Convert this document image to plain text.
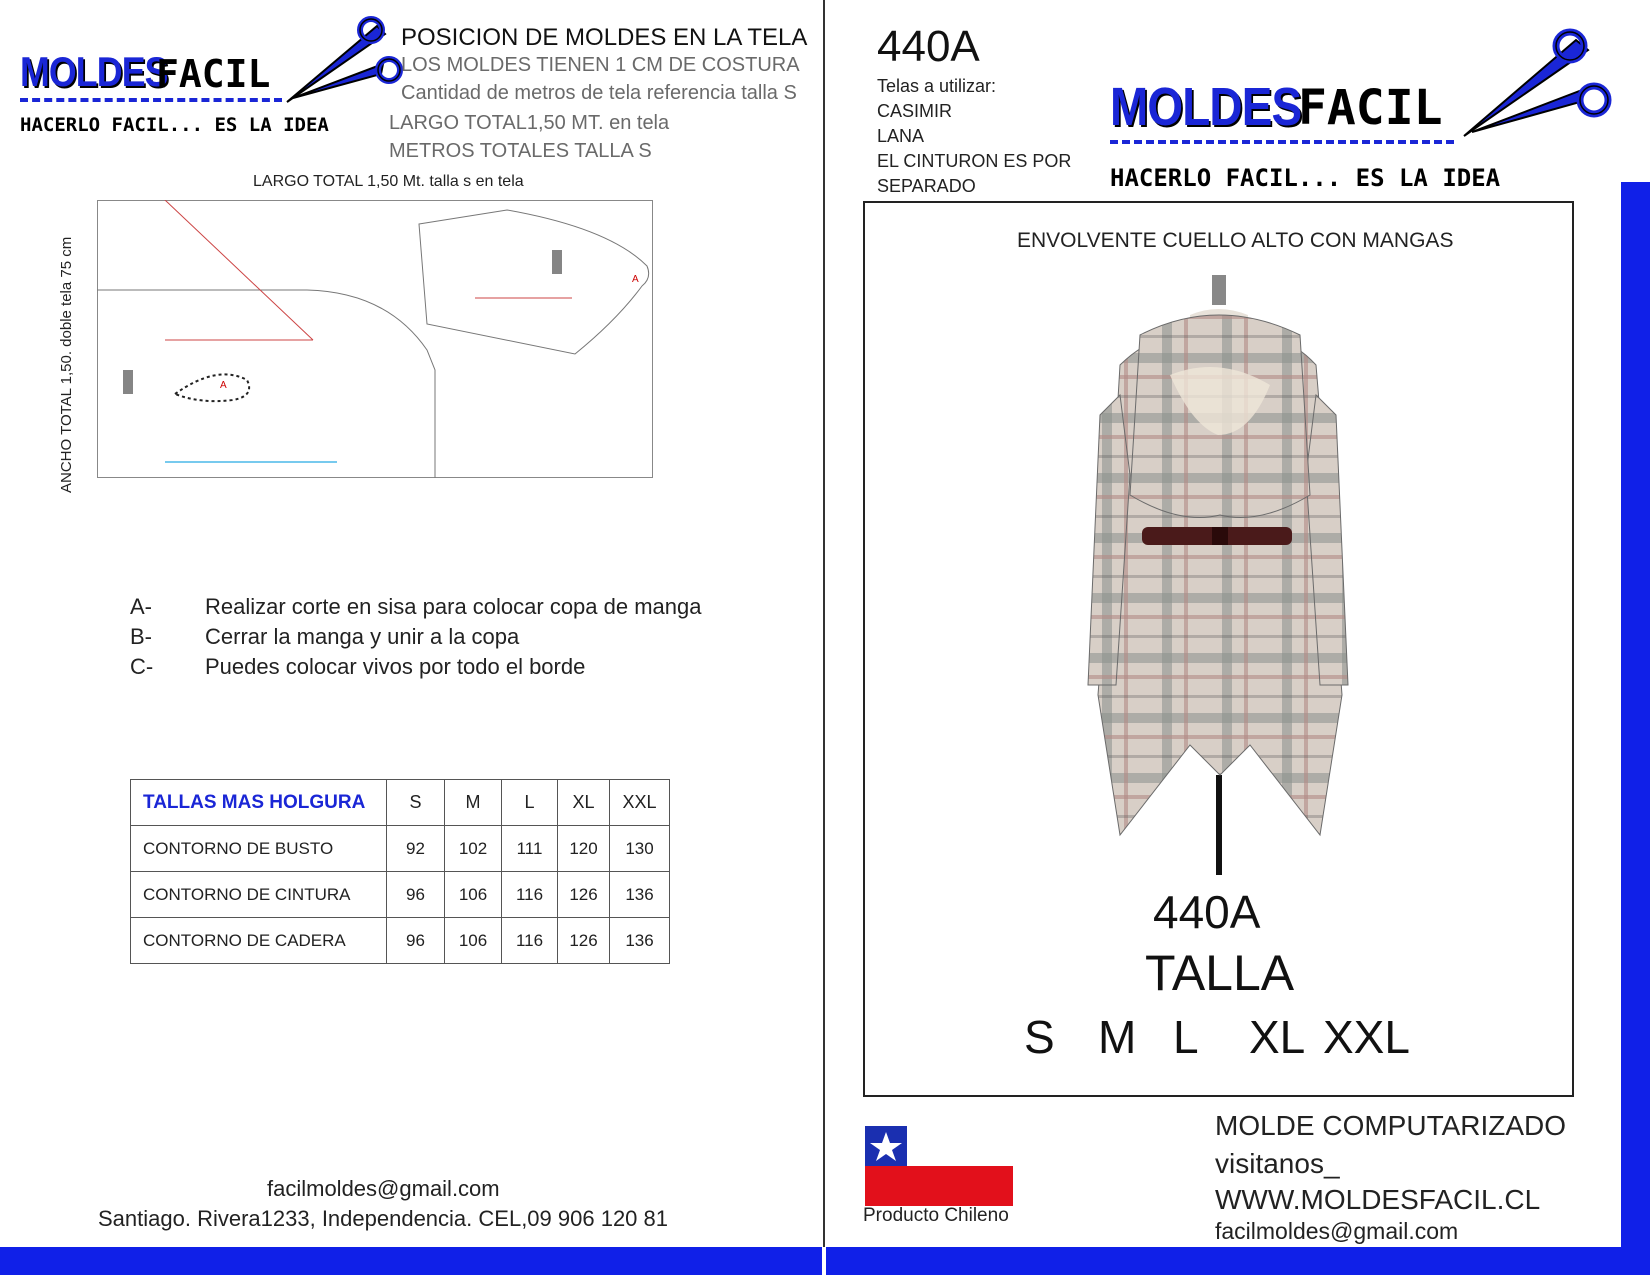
MOLDES
FACIL
HACERLO FACIL... ES LA IDEA
POSICION DE MOLDES EN LA TELA
LOS MOLDES TIENEN 1 CM DE COSTURA
Cantidad de metros de tela referencia talla S
LARGO TOTAL1,50 MT. en tela
METROS TOTALES TALLA S
LARGO TOTAL 1,50 Mt. talla s en tela
ANCHO TOTAL 1,50. doble tela 75 cm	A
A
A- Realizar corte en sisa para colocar copa de manga
B- Cerrar la manga y unir a la copa
C- Puedes colocar vivos por todo el borde
TALLAS MAS HOLGURA	S	M	L	XL	XXL
CONTORNO DE BUSTO	92	102	111	120	130
CONTORNO DE CINTURA	96	106	116	126	136
CONTORNO DE CADERA	96	106	116	126	136
facilmoldes@gmail.com
Santiago. Rivera1233, Independencia. CEL,09 906 120 81
440A
Telas a utilizar:
CASIMIR
LANA
EL CINTURON ES POR
SEPARADO
MOLDES
FACIL
HACERLO FACIL... ES LA IDEA
ENVOLVENTE CUELLO ALTO CON MANGAS
440A
TALLA
S M L XL XXL
Producto Chileno
MOLDE COMPUTARIZADO
visitanos_
WWW.MOLDESFACIL.CL
facilmoldes@gmail.com
